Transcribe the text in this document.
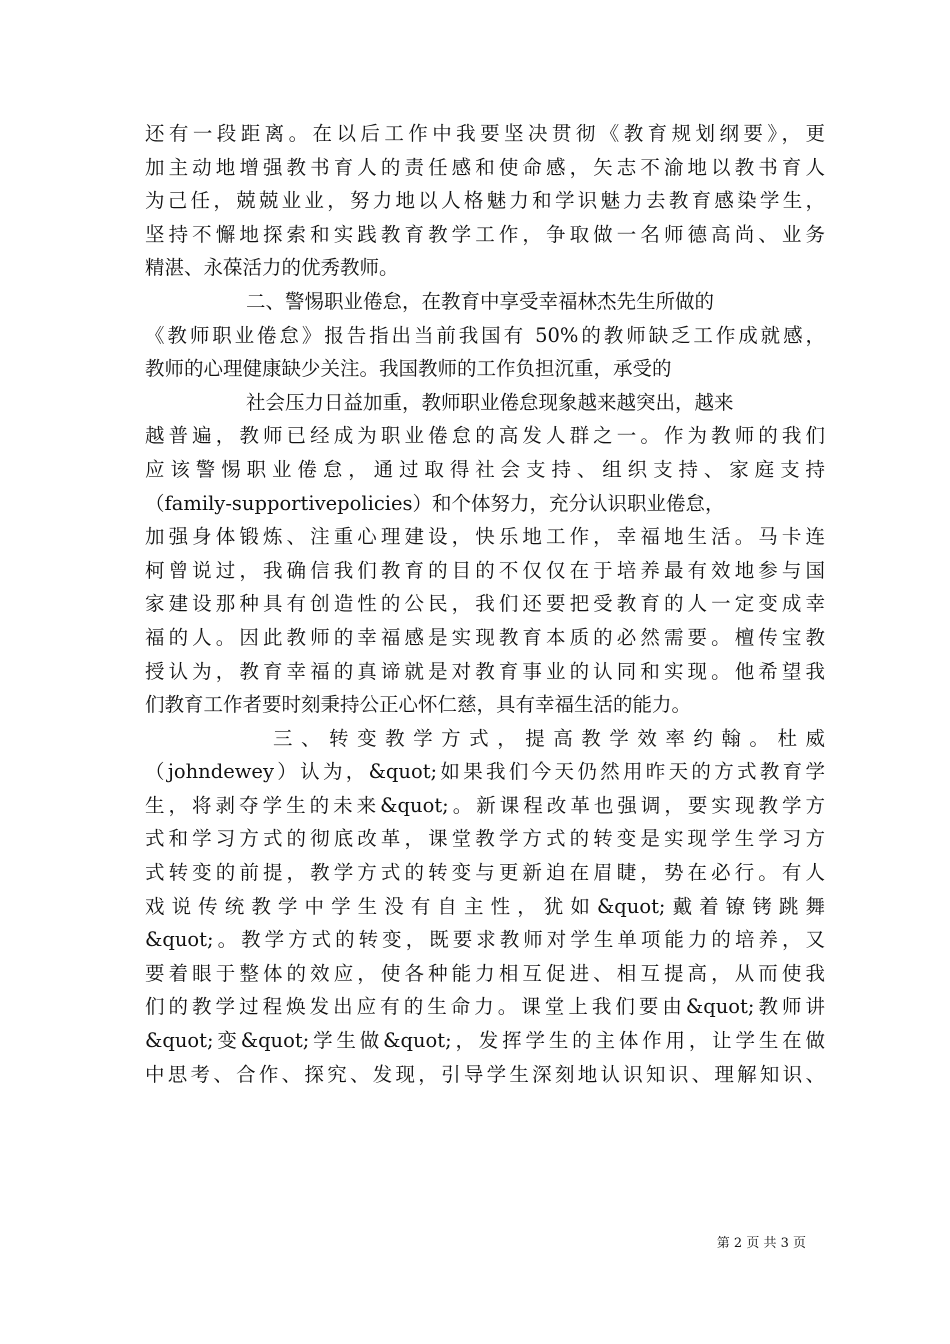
还有一段距离。在以后工作中我要坚决贯彻《教育规划纲要》，更
加主动地增强教书育人的责任感和使命感，矢志不渝地以教书育人
为己任，兢兢业业，努力地以人格魅力和学识魅力去教育感染学生，
坚持不懈地探索和实践教育教学工作，争取做一名师德高尚、业务
精湛、永葆活力的优秀教师。
二、警惕职业倦怠，在教育中享受幸福林杰先生所做的
《教师职业倦怠》报告指出当前我国有 50%的教师缺乏工作成就感，
教师的心理健康缺少关注。我国教师的工作负担沉重，承受的
社会压力日益加重，教师职业倦怠现象越来越突出，越来
越普遍，教师已经成为职业倦怠的高发人群之一。作为教师的我们
应该警惕职业倦怠，通过取得社会支持、组织支持、家庭支持
（family-supportivepolicies）和个体努力，充分认识职业倦怠，
加强身体锻炼、注重心理建设，快乐地工作，幸福地生活。马卡连
柯曾说过，我确信我们教育的目的不仅仅在于培养最有效地参与国
家建设那种具有创造性的公民，我们还要把受教育的人一定变成幸
福的人。因此教师的幸福感是实现教育本质的必然需要。檀传宝教
授认为，教育幸福的真谛就是对教育事业的认同和实现。他希望我
们教育工作者要时刻秉持公正心怀仁慈，具有幸福生活的能力。
三、转变教学方式，提高教学效率约翰。杜威
（johndewey）认为，&quot;如果我们今天仍然用昨天的方式教育学
生，将剥夺学生的未来&quot;。新课程改革也强调，要实现教学方
式和学习方式的彻底改革，课堂教学方式的转变是实现学生学习方
式转变的前提，教学方式的转变与更新迫在眉睫，势在必行。有人
戏说传统教学中学生没有自主性，犹如&quot;戴着镣铐跳舞
&quot;。教学方式的转变，既要求教师对学生单项能力的培养，又
要着眼于整体的效应，使各种能力相互促进、相互提高，从而使我
们的教学过程焕发出应有的生命力。课堂上我们要由&quot;教师讲
&quot;变&quot;学生做&quot;，发挥学生的主体作用，让学生在做
中思考、合作、探究、发现，引导学生深刻地认识知识、理解知识、
第 2 页 共 3 页
